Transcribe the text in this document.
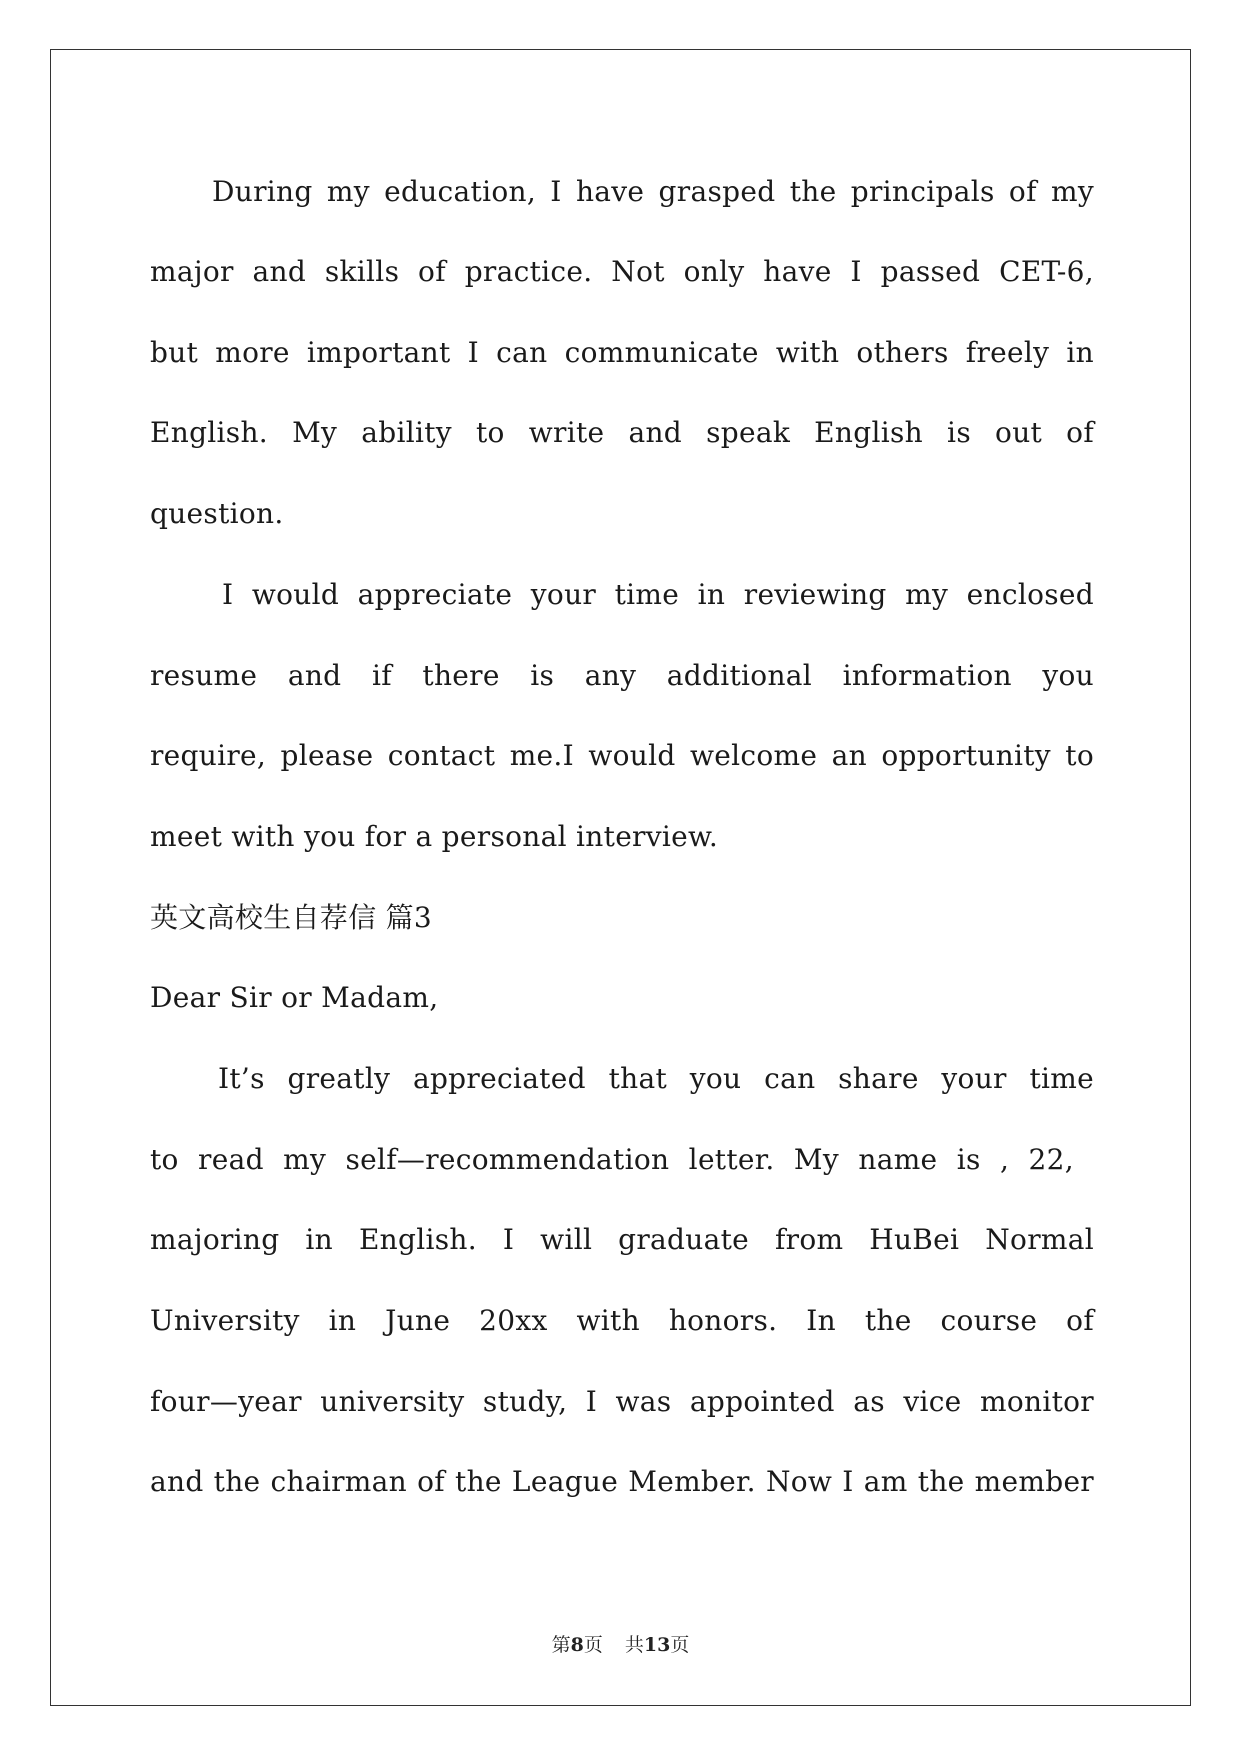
During my education, I have grasped the principals of my
major and skills of practice. Not only have I passed CET-6,
but more important I can communicate with others freely in
English. My ability to write and speak English is out of
question.
I would appreciate your time in reviewing my enclosed
resume and if there is any additional information you
require, please contact me.I would welcome an opportunity to
meet with you for a personal interview.
英文高校生自荐信 篇3
Dear Sir or Madam,
It’s greatly appreciated that you can share your time
to read my self—recommendation letter. My name is , 22,
majoring in English. I will graduate from HuBei Normal
University in June 20xx with honors. In the course of
four—year university study, I was appointed as vice monitor
and the chairman of the League Member. Now I am the member
第8页 共13页
